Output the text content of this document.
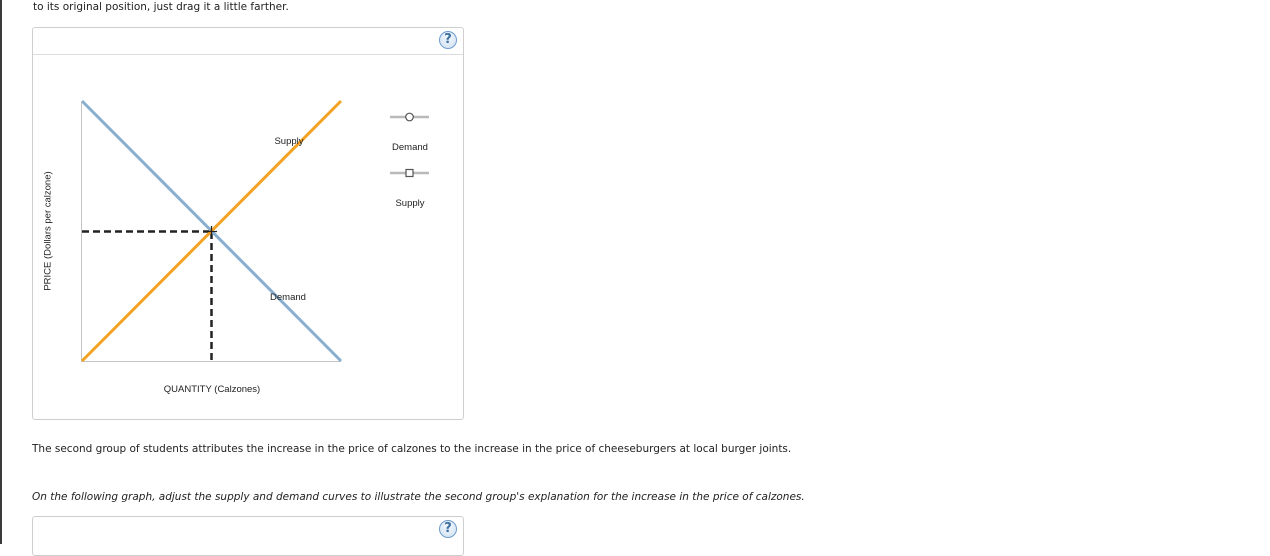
to its original position, just drag it a little farther.
?
PRICE (Dollars per calzone)
QUANTITY (Calzones)
Supply
Demand
Demand
Supply
The second group of students attributes the increase in the price of calzones to the increase in the price of cheeseburgers at local burger joints.
On the following graph, adjust the supply and demand curves to illustrate the second group's explanation for the increase in the price of calzones.
?
